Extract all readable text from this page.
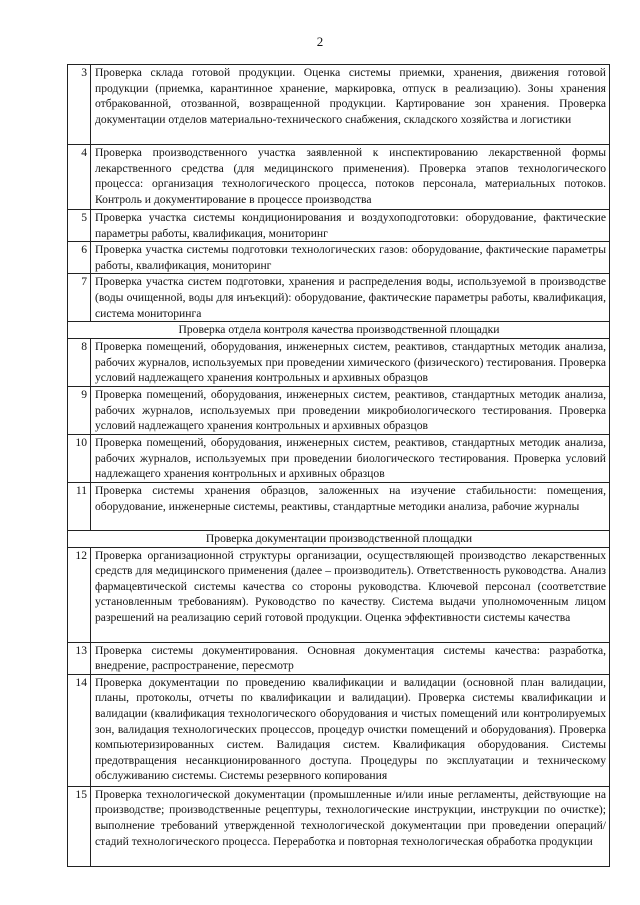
2
3	Проверка склада готовой продукции. Оценка системы приемки, хранения, движения готовой продукции (приемка, карантинное хранение, маркировка, отпуск в реализацию). Зоны хранения отбракованной, отозванной, возвращенной продукции. Картирование зон хранения. Проверка документации отделов материально-технического снабжения, складского хозяйства и логистики
4	Проверка производственного участка заявленной к инспектированию лекарственной формы лекарственного средства (для медицинского применения). Проверка этапов технологического процесса: организация технологического процесса, потоков персонала, материальных потоков. Контроль и документирование в процессе производства
5	Проверка участка системы кондиционирования и воздухоподготовки: оборудование, фактические параметры работы, квалификация, мониторинг
6	Проверка участка системы подготовки технологических газов: оборудование, фактические параметры работы, квалификация, мониторинг
7	Проверка участка систем подготовки, хранения и распределения воды, используемой в производстве (воды очищенной, воды для инъекций): оборудование, фактические параметры работы, квалификация, система мониторинга
Проверка отдела контроля качества производственной площадки	
8	Проверка помещений, оборудования, инженерных систем, реактивов, стандартных методик анализа, рабочих журналов, используемых при проведении химического (физического) тестирования. Проверка условий надлежащего хранения контрольных и архивных образцов
9	Проверка помещений, оборудования, инженерных систем, реактивов, стандартных методик анализа, рабочих журналов, используемых при проведении микробиологического тестирования. Проверка условий надлежащего хранения контрольных и архивных образцов
10	Проверка помещений, оборудования, инженерных систем, реактивов, стандартных методик анализа, рабочих журналов, используемых при проведении биологического тестирования. Проверка условий надлежащего хранения контрольных и архивных образцов
11	Проверка системы хранения образцов, заложенных на изучение стабильности: помещения, оборудование, инженерные системы, реактивы, стандартные методики анализа, рабочие журналы
Проверка документации производственной площадки	
12	Проверка организационной структуры организации, осуществляющей производство лекарственных средств для медицинского применения (далее – производитель). Ответственность руководства. Анализ фармацевтической системы качества со стороны руководства. Ключевой персонал (соответствие установленным требованиям). Руководство по качеству. Система выдачи уполномоченным лицом разрешений на реализацию серий готовой продукции. Оценка эффективности системы качества
13	Проверка системы документирования. Основная документация системы качества: разработка, внедрение, распространение, пересмотр
14	Проверка документации по проведению квалификации и валидации (основной план валидации, планы, протоколы, отчеты по квалификации и валидации). Проверка системы квалификации и валидации (квалификация технологического оборудования и чистых помещений или контролируемых зон, валидация технологических процессов, процедур очистки помещений и оборудования). Проверка компьютеризированных систем. Валидация систем. Квалификация оборудования. Системы предотвращения несанкционированного доступа. Процедуры по эксплуатации и техническому обслуживанию системы. Системы резервного копирования
15	Проверка технологической документации (промышленные и/или иные регламенты, действующие на производстве; производственные рецептуры, технологические инструкции, инструкции по очистке); выполнение требований утвержденной технологической документации при проведении операций/стадий технологического процесса. Переработка и повторная технологическая обработка продукции
